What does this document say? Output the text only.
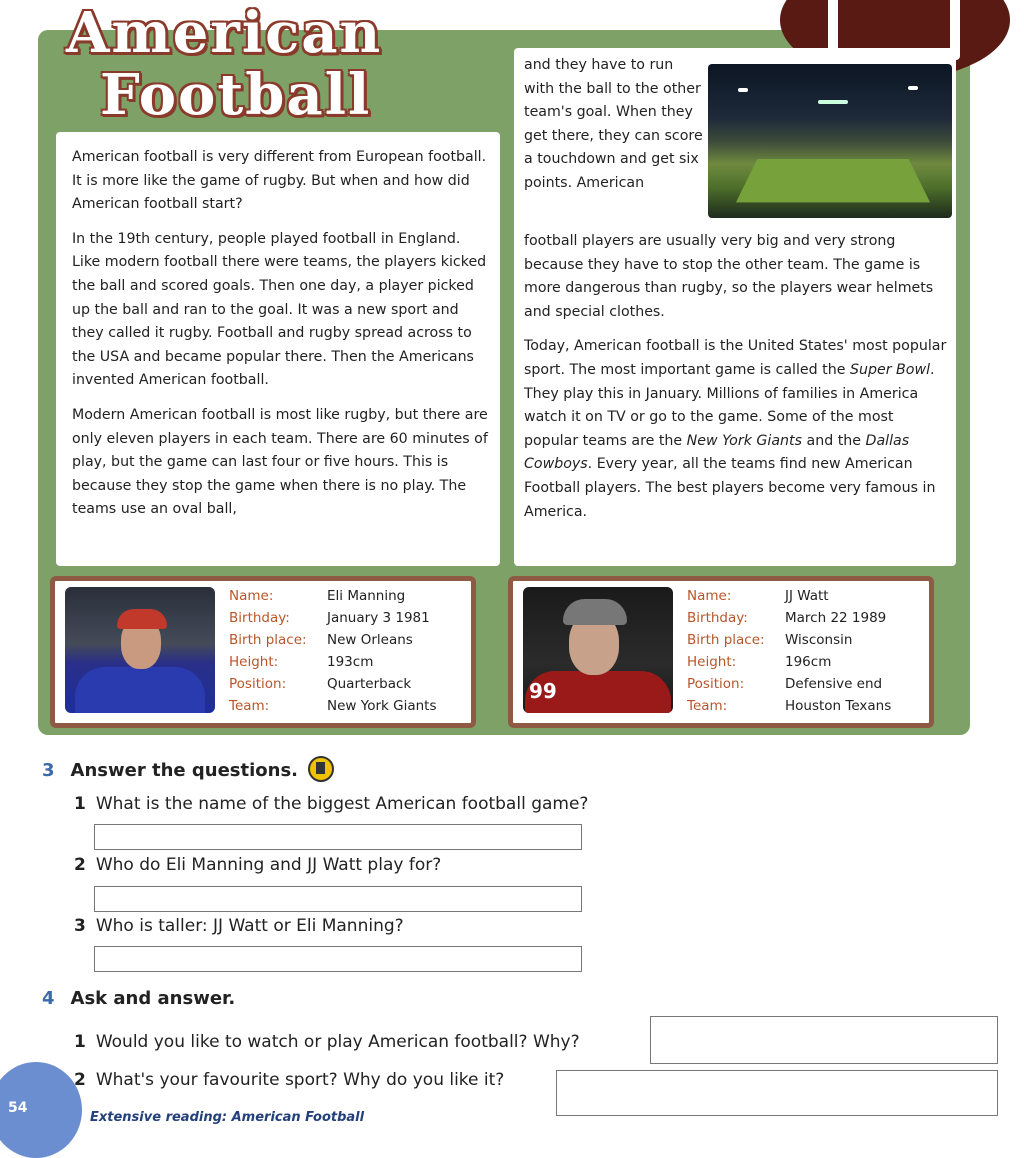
American
Football

American football is very different from European football. It is more like the game of rugby. But when and how did American football start?

In the 19th century, people played football in England. Like modern football there were teams, the players kicked the ball and scored goals. Then one day, a player picked up the ball and ran to the goal. It was a new sport and they called it rugby. Football and rugby spread across to the USA and became popular there. Then the Americans invented American football.

Modern American football is most like rugby, but there are only eleven players in each team. There are 60 minutes of play, but the game can last four or five hours. This is because they stop the game when there is no play. The teams use an oval ball,

and they have to run with the ball to the other team's goal. When they get there, they can score a touchdown and get six points. American

football players are usually very big and very strong because they have to stop the other team. The game is more dangerous than rugby, so the players wear helmets and special clothes.

Today, American football is the United States' most popular sport. The most important game is called the Super Bowl. They play this in January. Millions of families in America watch it on TV or go to the game. Some of the most popular teams are the New York Giants and the Dallas Cowboys. Every year, all the teams find new American Football players. The best players become very famous in America.

Name:	Eli Manning
Birthday:	January 3 1981
Birth place: New Orleans
Height:	193cm
Position:	Quarterback
Team:	New York Giants
99
Name:	JJ Watt
Birthday:	March 22 1989
Birth place: Wisconsin
Height:	196cm
Position:	Defensive end
Team:	Houston Texans
3 Answer the questions.
1 What is the name of the biggest American football game?
2 Who do Eli Manning and JJ Watt play for?
3 Who is taller: JJ Watt or Eli Manning?
4 Ask and answer.
1 Would you like to watch or play American football? Why?
2 What's your favourite sport? Why do you like it?
54
Extensive reading: American Football
